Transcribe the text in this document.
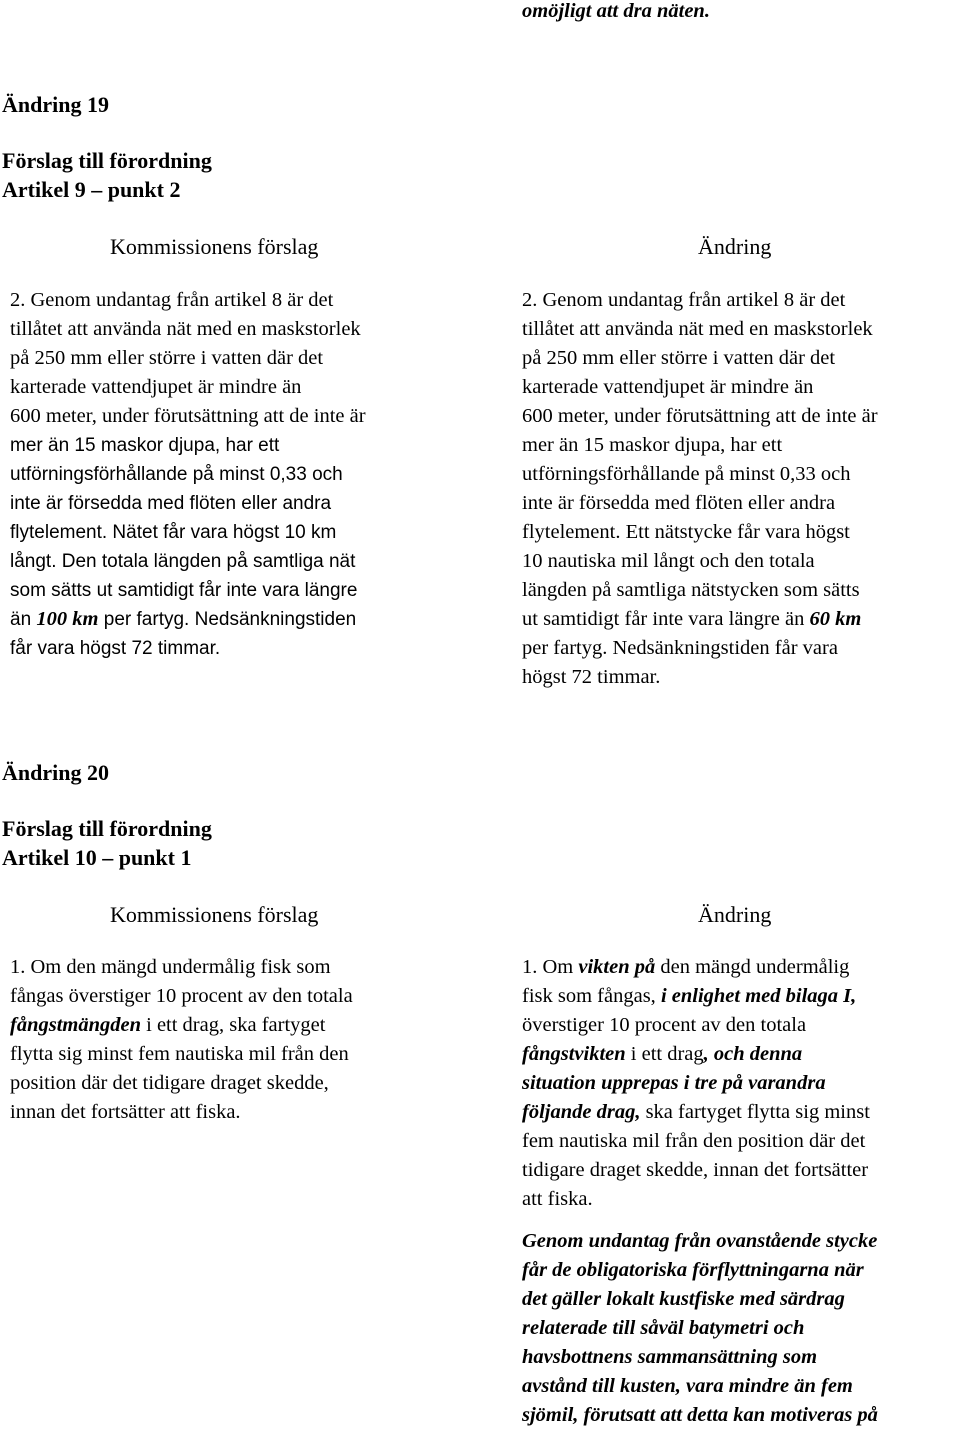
omöjligt att dra näten.
Ändring 19
Förslag till förordning
Artikel 9 – punkt 2
Kommissionens förslag	Ändring
2. Genom undantag från artikel 8 är det
tillåtet att använda nät med en maskstorlek
på 250 mm eller större i vatten där det
karterade vattendjupet är mindre än
600 meter, under förutsättning att de inte är
mer än 15 maskor djupa, har ett
utförningsförhållande på minst 0,33 och
inte är försedda med flöten eller andra
flytelement. Nätet får vara högst 10 km
långt. Den totala längden på samtliga nät
som sätts ut samtidigt får inte vara längre
än 100 km per fartyg. Nedsänkningstiden
får vara högst 72 timmar.
2. Genom undantag från artikel 8 är det
tillåtet att använda nät med en maskstorlek
på 250 mm eller större i vatten där det
karterade vattendjupet är mindre än
600 meter, under förutsättning att de inte är
mer än 15 maskor djupa, har ett
utförningsförhållande på minst 0,33 och
inte är försedda med flöten eller andra
flytelement. Ett nätstycke får vara högst
10 nautiska mil långt och den totala
längden på samtliga nätstycken som sätts
ut samtidigt får inte vara längre än 60 km
per fartyg. Nedsänkningstiden får vara
högst 72 timmar.
Ändring 20
Förslag till förordning
Artikel 10 – punkt 1
Kommissionens förslag	Ändring
1. Om den mängd undermålig fisk som
fångas överstiger 10 procent av den totala
fångstmängden i ett drag, ska fartyget
flytta sig minst fem nautiska mil från den
position där det tidigare draget skedde,
innan det fortsätter att fiska.
1. Om vikten på den mängd undermålig
fisk som fångas, i enlighet med bilaga I,
överstiger 10 procent av den totala
fångstvikten i ett drag, och denna
situation upprepas i tre på varandra
följande drag, ska fartyget flytta sig minst
fem nautiska mil från den position där det
tidigare draget skedde, innan det fortsätter
att fiska.
Genom undantag från ovanstående stycke
får de obligatoriska förflyttningarna när
det gäller lokalt kustfiske med särdrag
relaterade till såväl batymetri och
havsbottnens sammansättning som
avstånd till kusten, vara mindre än fem
sjömil, förutsatt att detta kan motiveras på
